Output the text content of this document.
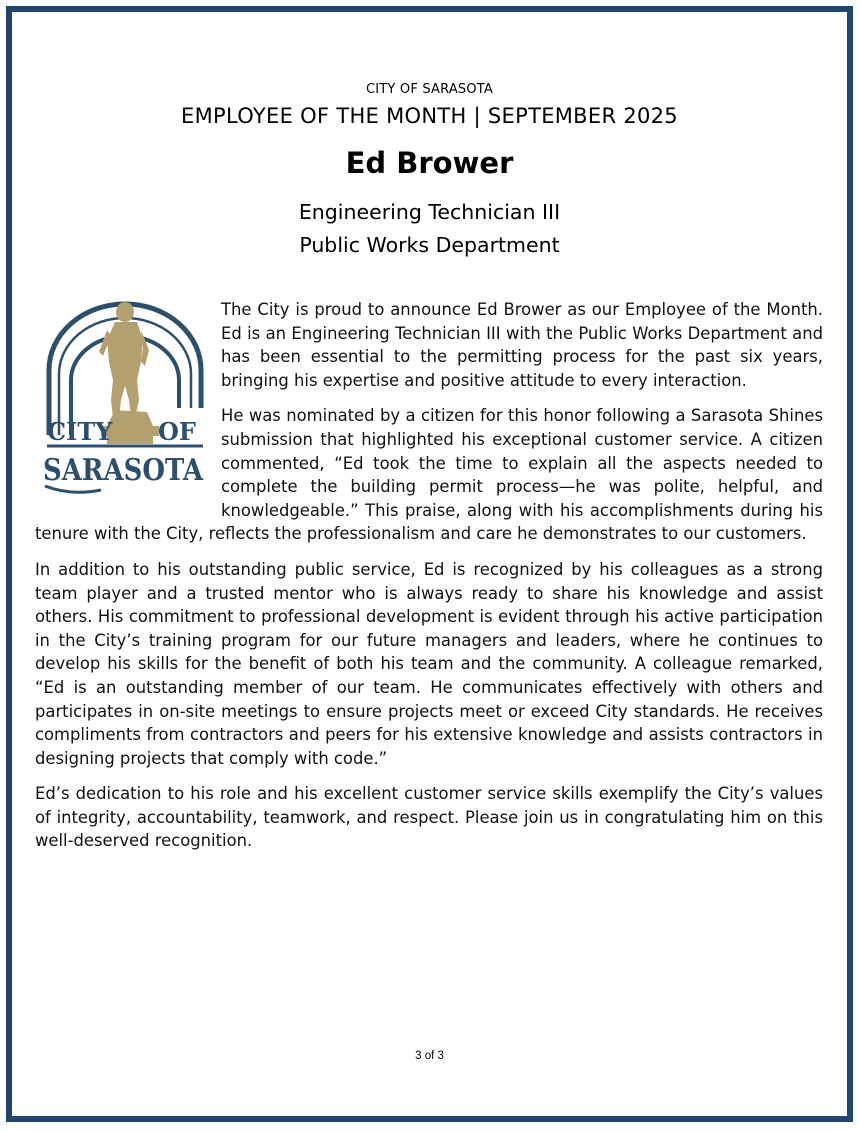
CITY OF SARASOTA
EMPLOYEE OF THE MONTH | SEPTEMBER 2025
Ed Brower
Engineering Technician III
Public Works Department
CITY OF
SARASOTA

The City is proud to announce Ed Brower as our Employee of the Month. Ed is an Engineering Technician III with the Public Works Department and has been essential to the permitting process for the past six years, bringing his expertise and positive attitude to every interaction.

He was nominated by a citizen for this honor following a Sarasota Shines submission that highlighted his exceptional customer service. A citizen commented, “Ed took the time to explain all the aspects needed to complete the building permit process—he was polite, helpful, and knowledgeable.” This praise, along with his accomplishments during his tenure with the City, reflects the professionalism and care he demonstrates to our customers.

In addition to his outstanding public service, Ed is recognized by his colleagues as a strong team player and a trusted mentor who is always ready to share his knowledge and assist others. His commitment to professional development is evident through his active participation in the City’s training program for our future managers and leaders, where he continues to develop his skills for the benefit of both his team and the community. A colleague remarked, “Ed is an outstanding member of our team. He communicates effectively with others and participates in on-site meetings to ensure projects meet or exceed City standards. He receives compliments from contractors and peers for his extensive knowledge and assists contractors in designing projects that comply with code.”

Ed’s dedication to his role and his excellent customer service skills exemplify the City’s values of integrity, accountability, teamwork, and respect. Please join us in congratulating him on this well-deserved recognition.

3 of 3
